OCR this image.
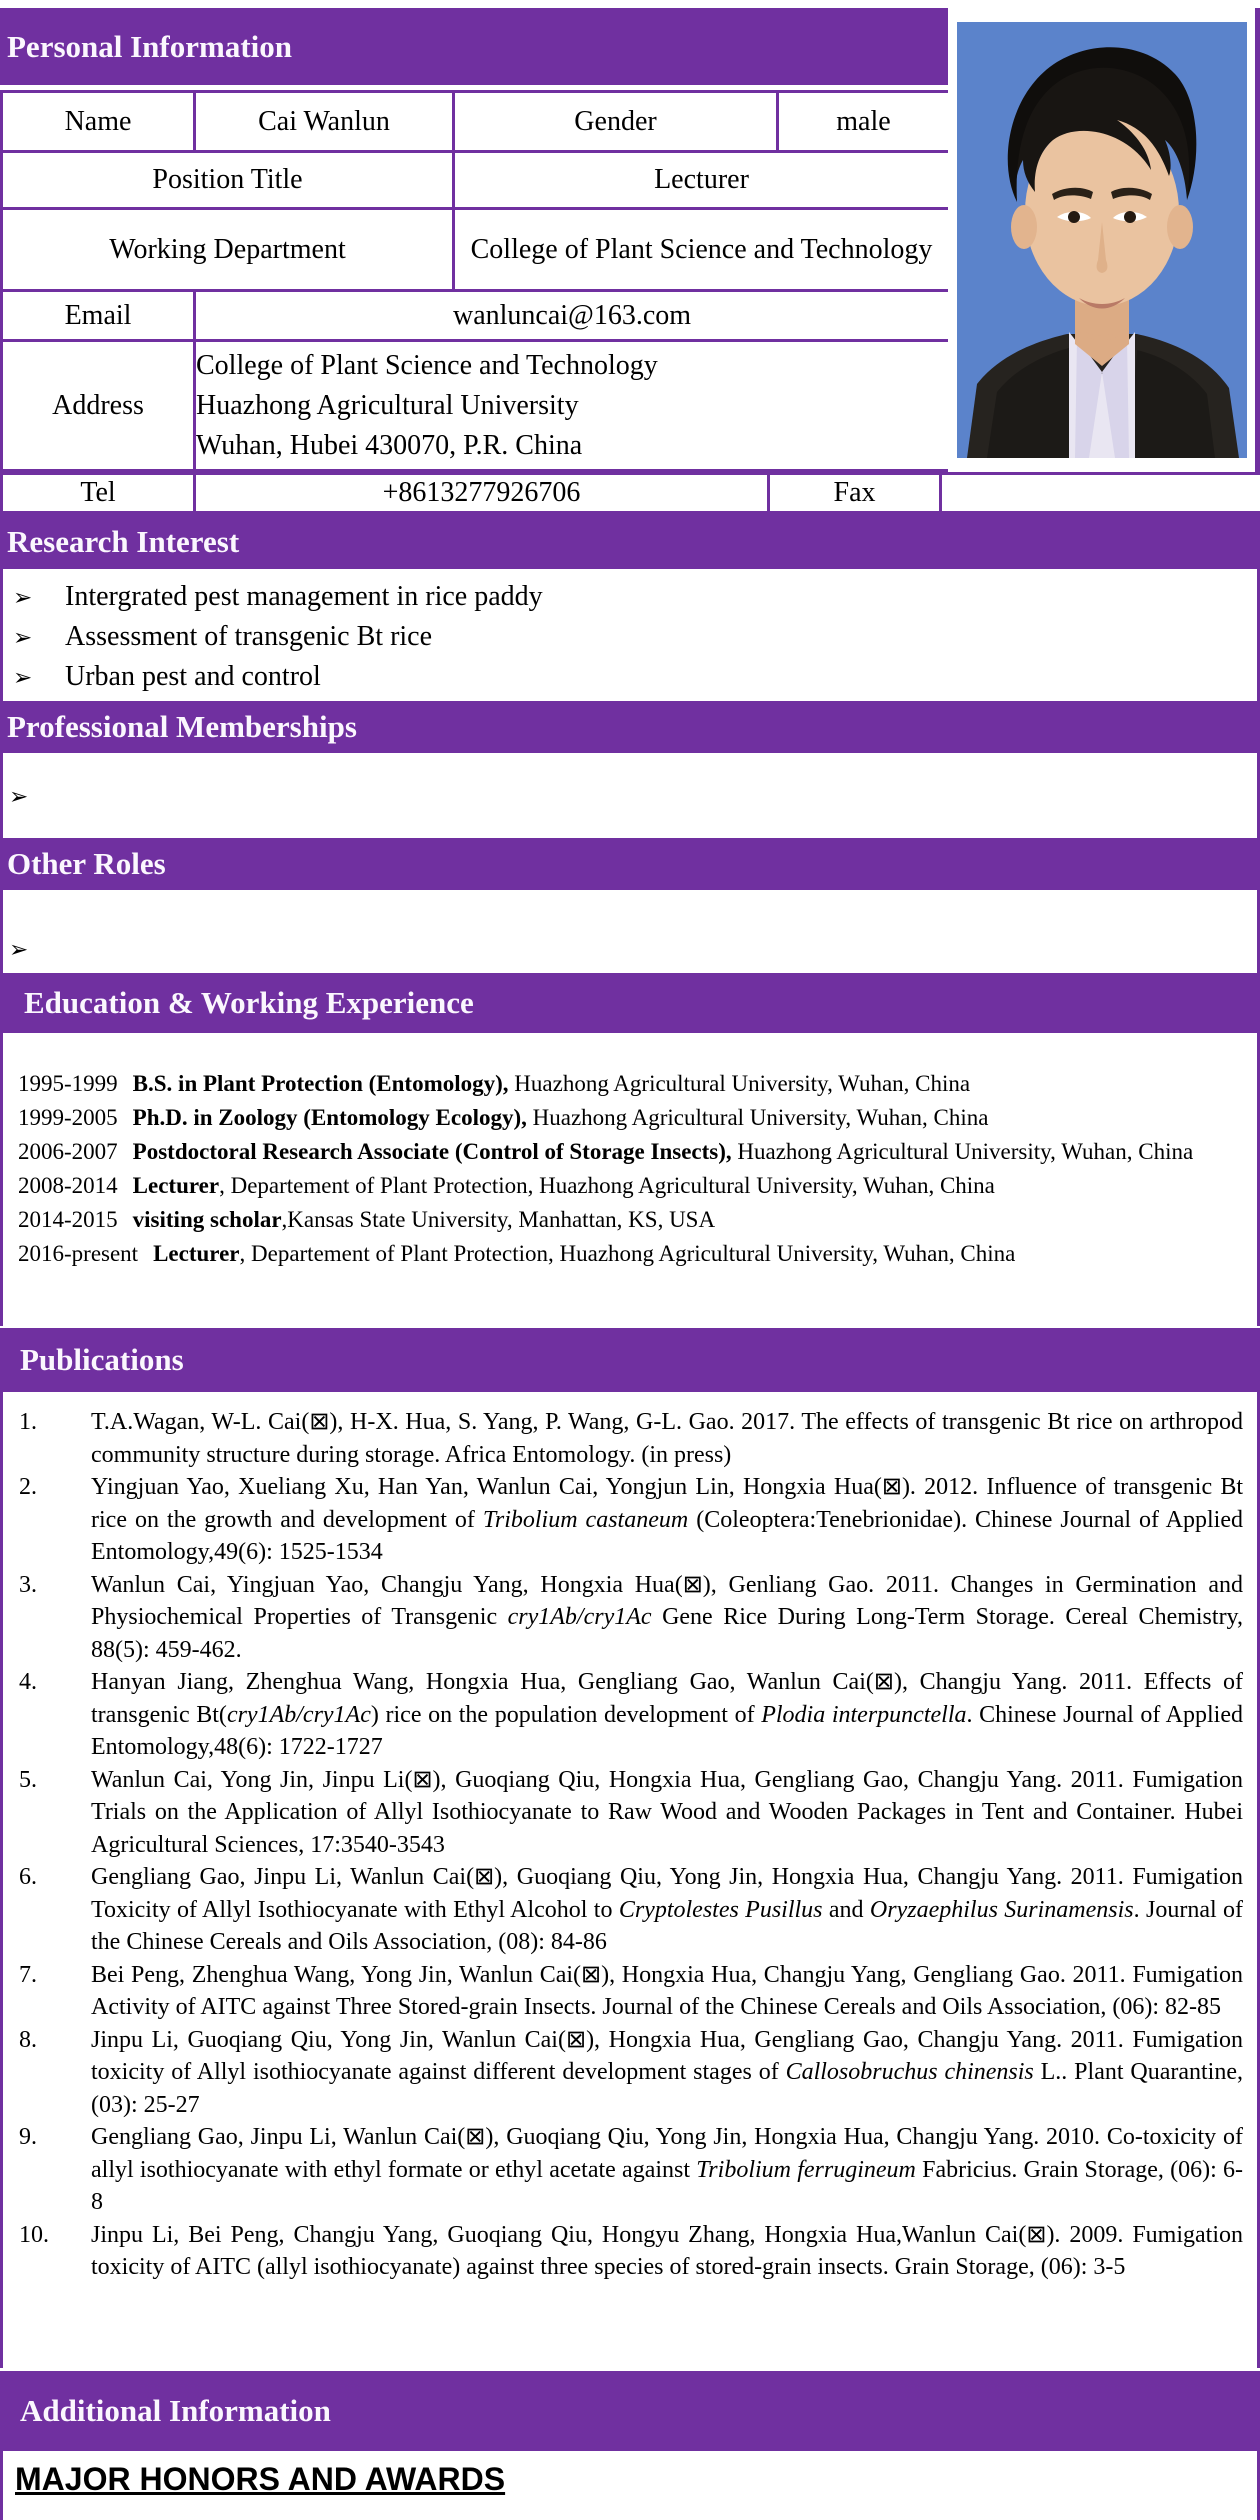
Personal Information
Name	Cai Wanlun	Gender	male
Position Title		Lecturer	
Working Department		College of Plant Science and Technology	
Email	wanluncai@163.com		
Address	College of Plant Science and Technology
Huazhong Agricultural University
Wuhan, Hubei 430070, P.R. China		
Tel	+8613277926706	Fax	
Research Interest
➢ Intergrated pest management in rice paddy
➢ Assessment of transgenic Bt rice
➢ Urban pest and control
Professional Memberships
➢
Other Roles
➢
Education & Working Experience
1995-1999 B.S. in Plant Protection (Entomology), Huazhong Agricultural University, Wuhan, China
1999-2005 Ph.D. in Zoology (Entomology Ecology), Huazhong Agricultural University, Wuhan, China
2006-2007 Postdoctoral Research Associate (Control of Storage Insects), Huazhong Agricultural University, Wuhan, China
2008-2014 Lecturer, Departement of Plant Protection, Huazhong Agricultural University, Wuhan, China
2014-2015 visiting scholar,Kansas State University, Manhattan, KS, USA
2016-present Lecturer, Departement of Plant Protection, Huazhong Agricultural University, Wuhan, China
Publications
1.	T.A.Wagan, W-L. Cai(⊠), H-X. Hua, S. Yang, P. Wang, G-L. Gao. 2017. The effects of transgenic Bt rice on arthropod community structure during storage. Africa Entomology. (in press)
2.	Yingjuan Yao, Xueliang Xu, Han Yan, Wanlun Cai, Yongjun Lin, Hongxia Hua(⊠). 2012. Influence of transgenic Bt rice on the growth and development of Tribolium castaneum (Coleoptera:Tenebrionidae). Chinese Journal of Applied Entomology,49(6): 1525-1534
3.	Wanlun Cai, Yingjuan Yao, Changju Yang, Hongxia Hua(⊠), Genliang Gao. 2011. Changes in Germination and Physiochemical Properties of Transgenic cry1Ab/cry1Ac Gene Rice During Long-Term Storage. Cereal Chemistry, 88(5): 459-462.
4.	Hanyan Jiang, Zhenghua Wang, Hongxia Hua, Gengliang Gao, Wanlun Cai(⊠), Changju Yang. 2011. Effects of transgenic Bt(cry1Ab/cry1Ac) rice on the population development of Plodia interpunctella. Chinese Journal of Applied Entomology,48(6): 1722-1727
5.	Wanlun Cai, Yong Jin, Jinpu Li(⊠), Guoqiang Qiu, Hongxia Hua, Gengliang Gao, Changju Yang. 2011. Fumigation Trials on the Application of Allyl Isothiocyanate to Raw Wood and Wooden Packages in Tent and Container. Hubei Agricultural Sciences, 17:3540-3543
6.	Gengliang Gao, Jinpu Li, Wanlun Cai(⊠), Guoqiang Qiu, Yong Jin, Hongxia Hua, Changju Yang. 2011. Fumigation Toxicity of Allyl Isothiocyanate with Ethyl Alcohol to Cryptolestes Pusillus and Oryzaephilus Surinamensis. Journal of the Chinese Cereals and Oils Association, (08): 84-86
7.	Bei Peng, Zhenghua Wang, Yong Jin, Wanlun Cai(⊠), Hongxia Hua, Changju Yang, Gengliang Gao. 2011. Fumigation Activity of AITC against Three Stored-grain Insects. Journal of the Chinese Cereals and Oils Association, (06): 82-85
8.	Jinpu Li, Guoqiang Qiu, Yong Jin, Wanlun Cai(⊠), Hongxia Hua, Gengliang Gao, Changju Yang. 2011. Fumigation toxicity of Allyl isothiocyanate against different development stages of Callosobruchus chinensis L.. Plant Quarantine, (03): 25-27
9.	Gengliang Gao, Jinpu Li, Wanlun Cai(⊠), Guoqiang Qiu, Yong Jin, Hongxia Hua, Changju Yang. 2010. Co-toxicity of allyl isothiocyanate with ethyl formate or ethyl acetate against Tribolium ferrugineum Fabricius. Grain Storage, (06): 6-8
10.	Jinpu Li, Bei Peng, Changju Yang, Guoqiang Qiu, Hongyu Zhang, Hongxia Hua,Wanlun Cai(⊠). 2009. Fumigation toxicity of AITC (allyl isothiocyanate) against three species of stored-grain insects. Grain Storage, (06): 3-5
Additional Information
MAJOR HONORS AND AWARDS
